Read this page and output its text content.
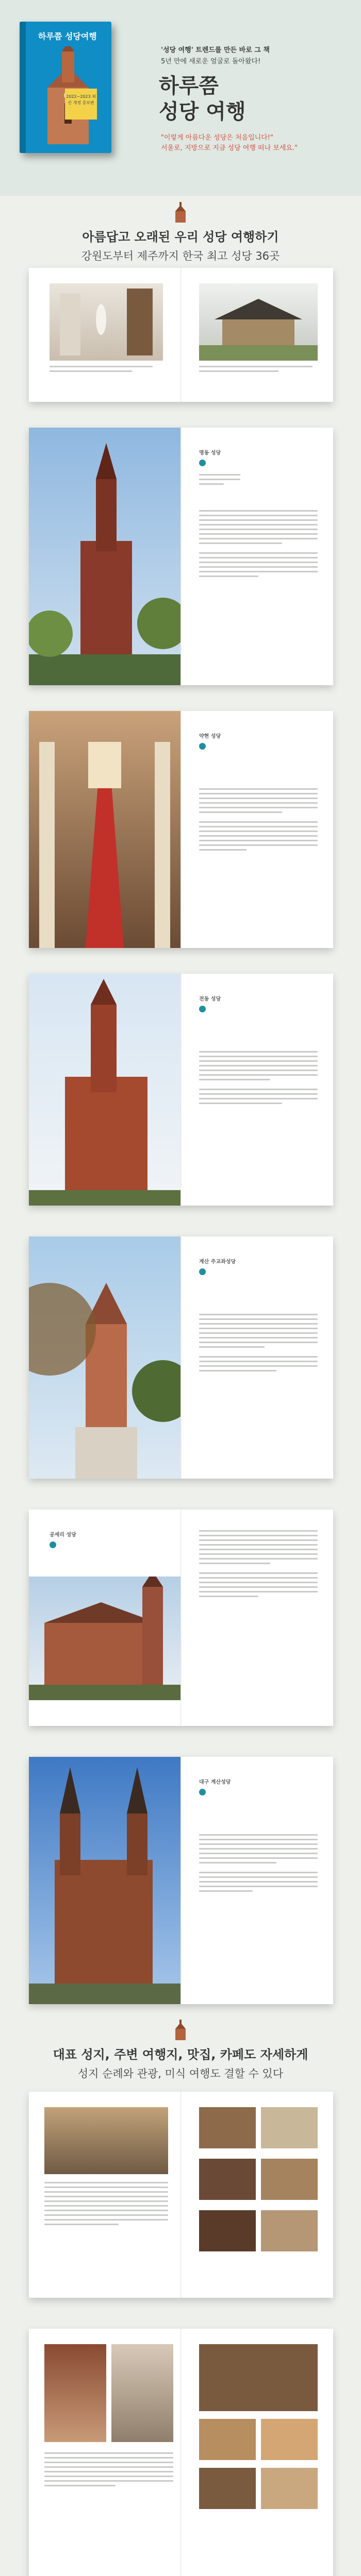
하루쯤 성당여행
2022~2023 최신 개정 증보판
'성당 여행' 트렌드를 만든 바로 그 책
5년 만에 새로운 얼굴로 돌아왔다!
하루쯤
성당 여행
"이렇게 아름다운 성당은 처음입니다!"
서울로, 지방으로 지금 성당 여행 떠나 보세요."
아름답고 오래된 우리 성당 여행하기
강원도부터 제주까지 한국 최고 성당 36곳
명동 성당
약현 성당
전동 성당
계산 주교좌성당
공세리 성당
대구 계산성당
대표 성지, 주변 여행지, 맛집, 카페도 자세하게
성지 순례와 관광, 미식 여행도 결할 수 있다
